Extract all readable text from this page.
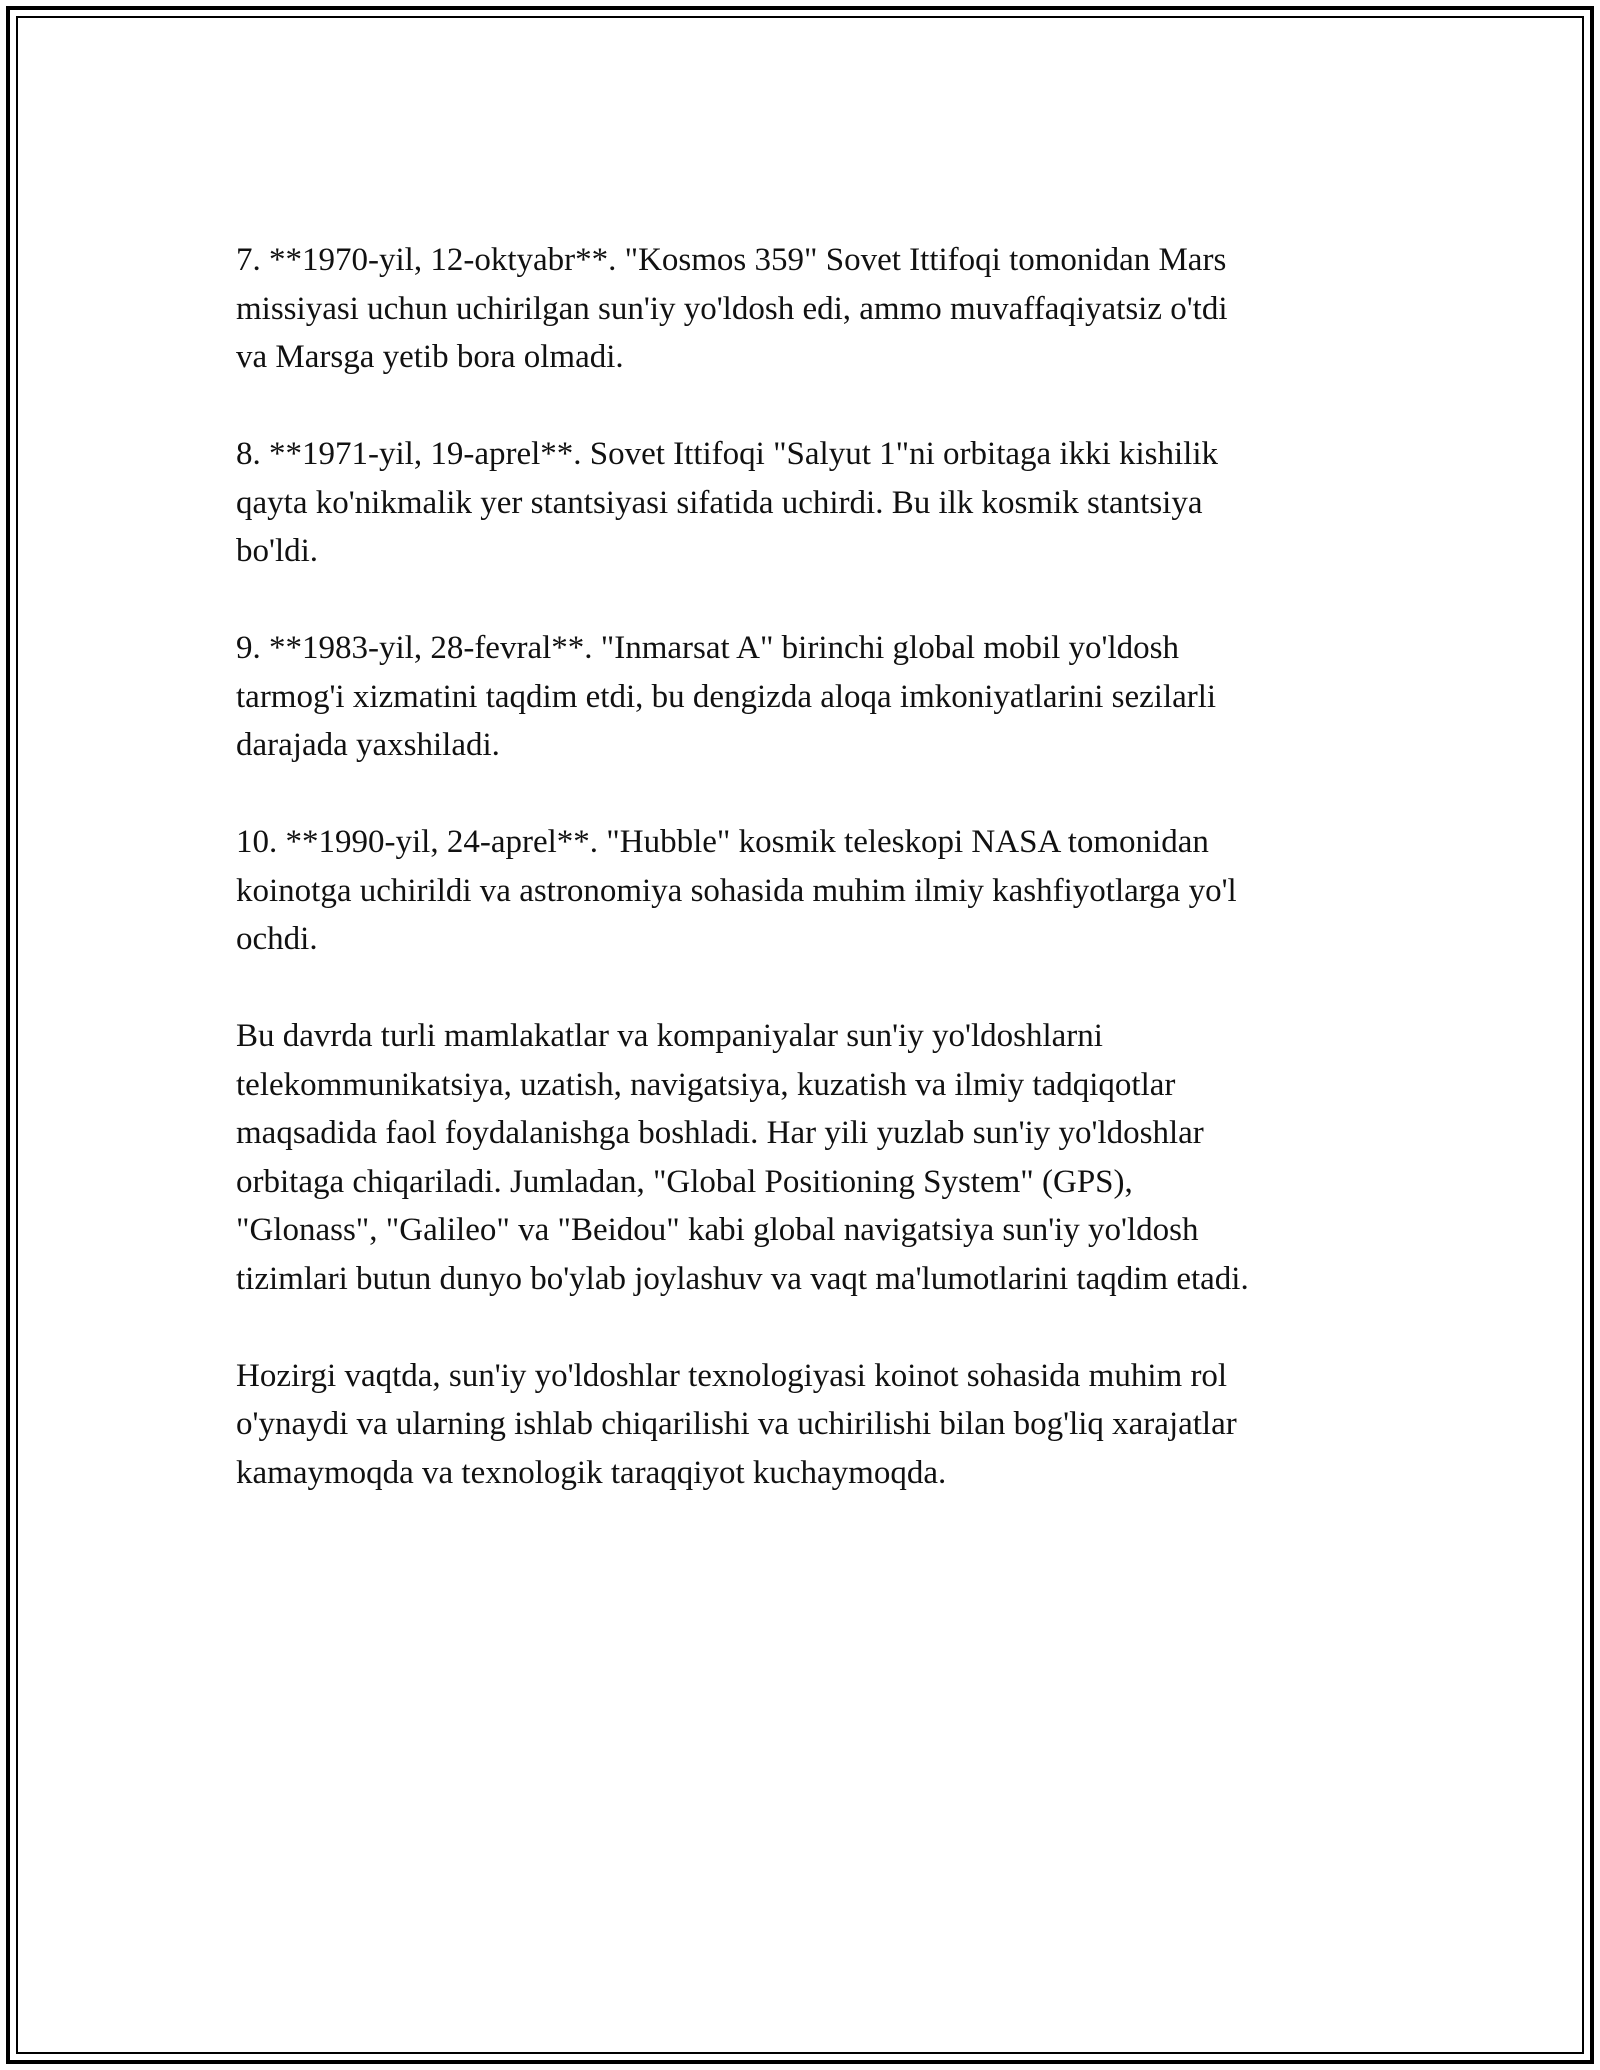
7. **1970-yil, 12-oktyabr**. "Kosmos 359" Sovet Ittifoqi tomonidan Mars
missiyasi uchun uchirilgan sun'iy yo'ldosh edi, ammo muvaffaqiyatsiz o'tdi
va Marsga yetib bora olmadi.

8. **1971-yil, 19-aprel**. Sovet Ittifoqi "Salyut 1"ni orbitaga ikki kishilik
qayta ko'nikmalik yer stantsiyasi sifatida uchirdi. Bu ilk kosmik stantsiya
bo'ldi.

9. **1983-yil, 28-fevral**. "Inmarsat A" birinchi global mobil yo'ldosh
tarmog'i xizmatini taqdim etdi, bu dengizda aloqa imkoniyatlarini sezilarli
darajada yaxshiladi.

10. **1990-yil, 24-aprel**. "Hubble" kosmik teleskopi NASA tomonidan
koinotga uchirildi va astronomiya sohasida muhim ilmiy kashfiyotlarga yo'l
ochdi.

Bu davrda turli mamlakatlar va kompaniyalar sun'iy yo'ldoshlarni
telekommunikatsiya, uzatish, navigatsiya, kuzatish va ilmiy tadqiqotlar
maqsadida faol foydalanishga boshladi. Har yili yuzlab sun'iy yo'ldoshlar
orbitaga chiqariladi. Jumladan, "Global Positioning System" (GPS),
"Glonass", "Galileo" va "Beidou" kabi global navigatsiya sun'iy yo'ldosh
tizimlari butun dunyo bo'ylab joylashuv va vaqt ma'lumotlarini taqdim etadi.

Hozirgi vaqtda, sun'iy yo'ldoshlar texnologiyasi koinot sohasida muhim rol
o'ynaydi va ularning ishlab chiqarilishi va uchirilishi bilan bog'liq xarajatlar
kamaymoqda va texnologik taraqqiyot kuchaymoqda.
